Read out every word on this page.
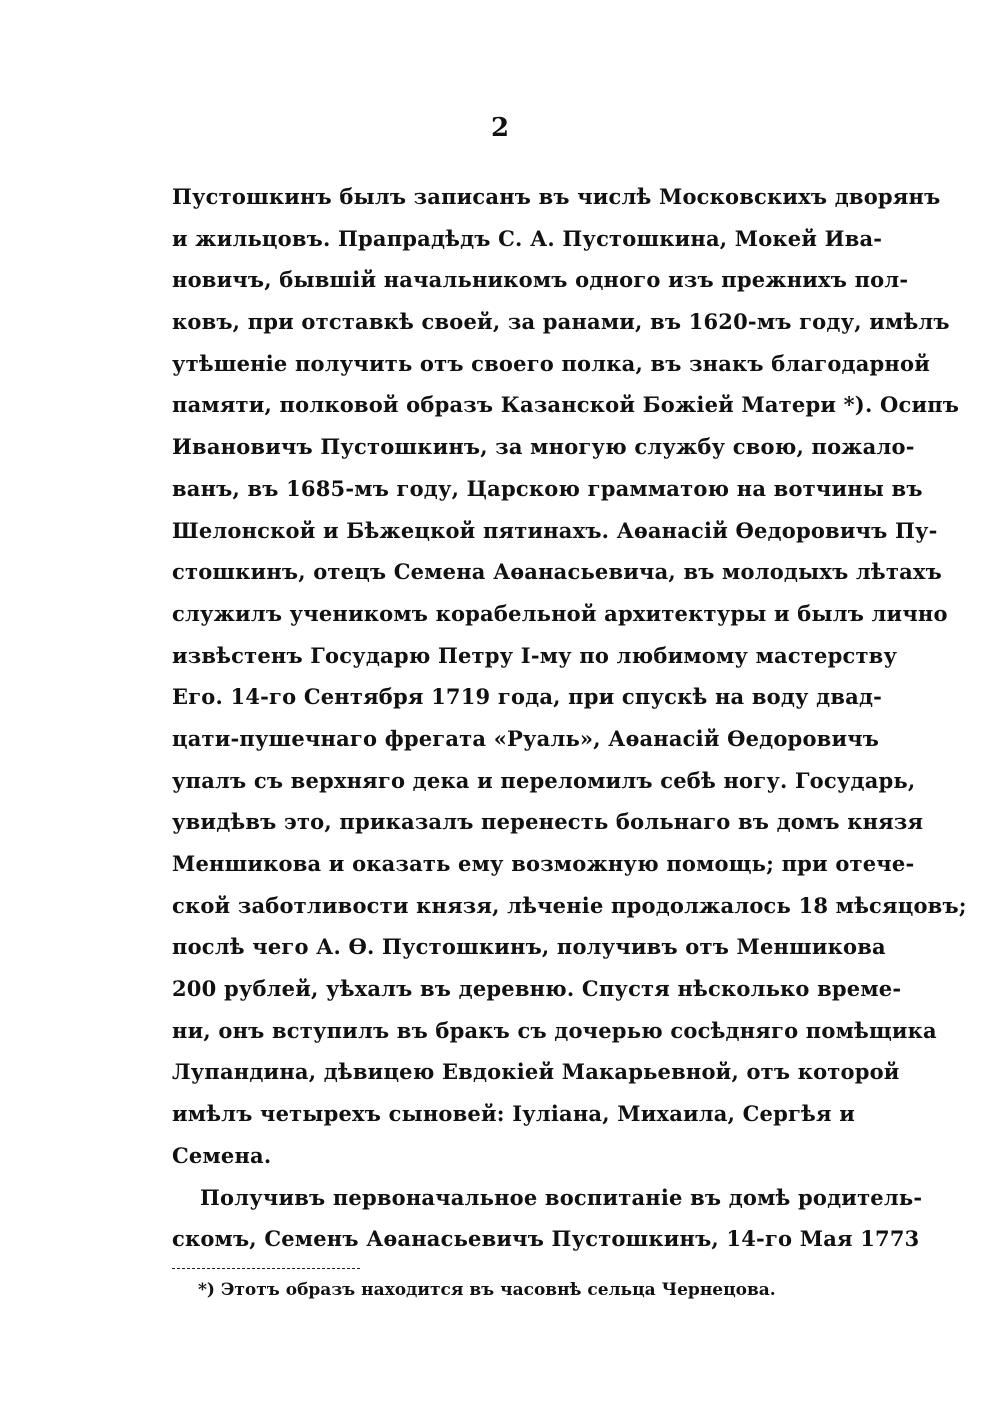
2
Пустошкинъ былъ записанъ въ числѣ Московскихъ дворянъ
и жильцовъ. Прапрадѣдъ С. А. Пустошкина, Мокей Ива-
новичъ, бывшій начальникомъ одного изъ прежнихъ пол-
ковъ, при отставкѣ своей, за ранами, въ 1620-мъ году, имѣлъ
утѣшеніе получить отъ своего полка, въ знакъ благодарной
памяти, полковой образъ Казанской Божіей Матери *). Осипъ
Ивановичъ Пустошкинъ, за многую службу свою, пожало-
ванъ, въ 1685-мъ году, Царскою грамматою на вотчины въ
Шелонской и Бѣжецкой пятинахъ. Аѳанасій Ѳедоровичъ Пу-
стошкинъ, отецъ Семена Аѳанасьевича, въ молодыхъ лѣтахъ
служилъ ученикомъ корабельной архитектуры и былъ лично
извѣстенъ Государю Петру I-му по любимому мастерству
Его. 14-го Сентября 1719 года, при спускѣ на воду двад-
цати-пушечнаго фрегата «Руаль», Аѳанасій Ѳедоровичъ
упалъ съ верхняго дека и переломилъ себѣ ногу. Государь,
увидѣвъ это, приказалъ перенесть больнаго въ домъ князя
Меншикова и оказать ему возможную помощь; при отече-
ской заботливости князя, лѣченіе продолжалось 18 мѣсяцовъ;
послѣ чего А. Ѳ. Пустошкинъ, получивъ отъ Меншикова
200 рублей, уѣхалъ въ деревню. Спустя нѣсколько време-
ни, онъ вступилъ въ бракъ съ дочерью сосѣдняго помѣщика
Лупандина, дѣвицею Евдокіей Макарьевной, отъ которой
имѣлъ четырехъ сыновей: Іуліана, Михаила, Сергѣя и
Семена.
Получивъ первоначальное воспитаніе въ домѣ родитель-
скомъ, Семенъ Аѳанасьевичъ Пустошкинъ, 14-го Мая 1773
*) Этотъ образъ находится въ часовнѣ сельца Чернецова.
